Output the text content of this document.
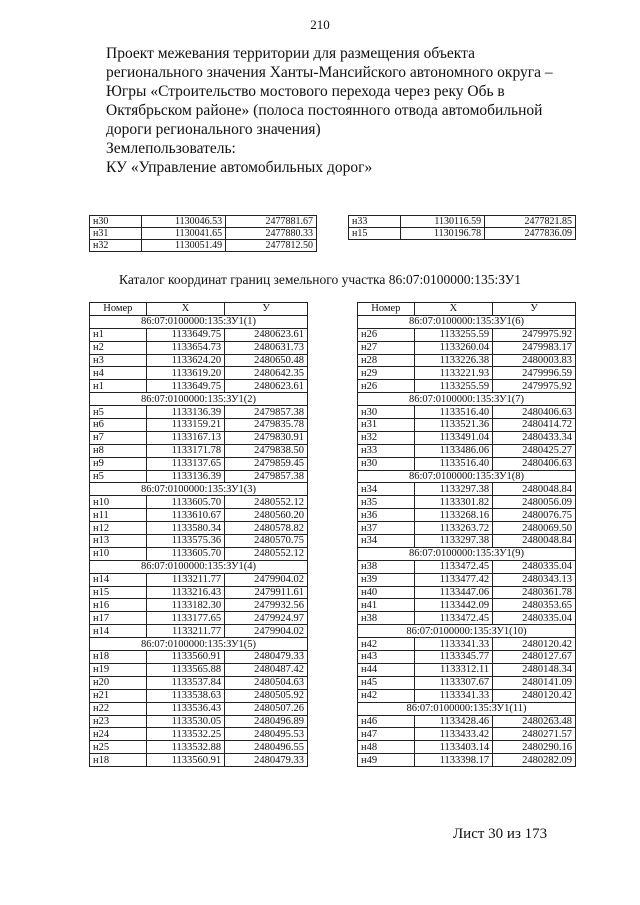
210
Проект межевания территории для размещения объекта
регионального значения Ханты-Мансийского автономного округа –
Югры «Строительство мостового перехода через реку Обь в
Октябрьском районе» (полоса постоянного отвода автомобильной
дороги регионального значения)
Землепользователь:
КУ «Управление автомобильных дорог»
н30	1130046.53	2477881.67
н31	1130041.65	2477880.33
н32	1130051.49	2477812.50
н33	1130116.59	2477821.85
н15	1130196.78	2477836.09
Каталог координат границ земельного участка 86:07:0100000:135:ЗУ1
Номер	X	У
86:07:0100000:135:ЗУ1(1)		
н1	1133649.75	2480623.61
н2	1133654.73	2480631.73
н3	1133624.20	2480650.48
н4	1133619.20	2480642.35
н1	1133649.75	2480623.61
86:07:0100000:135:ЗУ1(2)		
н5	1133136.39	2479857.38
н6	1133159.21	2479835.78
н7	1133167.13	2479830.91
н8	1133171.78	2479838.50
н9	1133137.65	2479859.45
н5	1133136.39	2479857.38
86:07:0100000:135:ЗУ1(3)		
н10	1133605.70	2480552.12
н11	1133610.67	2480560.20
н12	1133580.34	2480578.82
н13	1133575.36	2480570.75
н10	1133605.70	2480552.12
86:07:0100000:135:ЗУ1(4)		
н14	1133211.77	2479904.02
н15	1133216.43	2479911.61
н16	1133182.30	2479932.56
н17	1133177.65	2479924.97
н14	1133211.77	2479904.02
86:07:0100000:135:ЗУ1(5)		
н18	1133560.91	2480479.33
н19	1133565.88	2480487.42
н20	1133537.84	2480504.63
н21	1133538.63	2480505.92
н22	1133536.43	2480507.26
н23	1133530.05	2480496.89
н24	1133532.25	2480495.53
н25	1133532.88	2480496.55
н18	1133560.91	2480479.33
Номер	X	У
86:07:0100000:135:ЗУ1(6)		
н26	1133255.59	2479975.92
н27	1133260.04	2479983.17
н28	1133226.38	2480003.83
н29	1133221.93	2479996.59
н26	1133255.59	2479975.92
86:07:0100000:135:ЗУ1(7)		
н30	1133516.40	2480406.63
н31	1133521.36	2480414.72
н32	1133491.04	2480433.34
н33	1133486.06	2480425.27
н30	1133516.40	2480406.63
86:07:0100000:135:ЗУ1(8)		
н34	1133297.38	2480048.84
н35	1133301.82	2480056.09
н36	1133268.16	2480076.75
н37	1133263.72	2480069.50
н34	1133297.38	2480048.84
86:07:0100000:135:ЗУ1(9)		
н38	1133472.45	2480335.04
н39	1133477.42	2480343.13
н40	1133447.06	2480361.78
н41	1133442.09	2480353.65
н38	1133472.45	2480335.04
86:07:0100000:135:ЗУ1(10)		
н42	1133341.33	2480120.42
н43	1133345.77	2480127.67
н44	1133312.11	2480148.34
н45	1133307.67	2480141.09
н42	1133341.33	2480120.42
86:07:0100000:135:ЗУ1(11)		
н46	1133428.46	2480263.48
н47	1133433.42	2480271.57
н48	1133403.14	2480290.16
н49	1133398.17	2480282.09
Лист 30 из 173
